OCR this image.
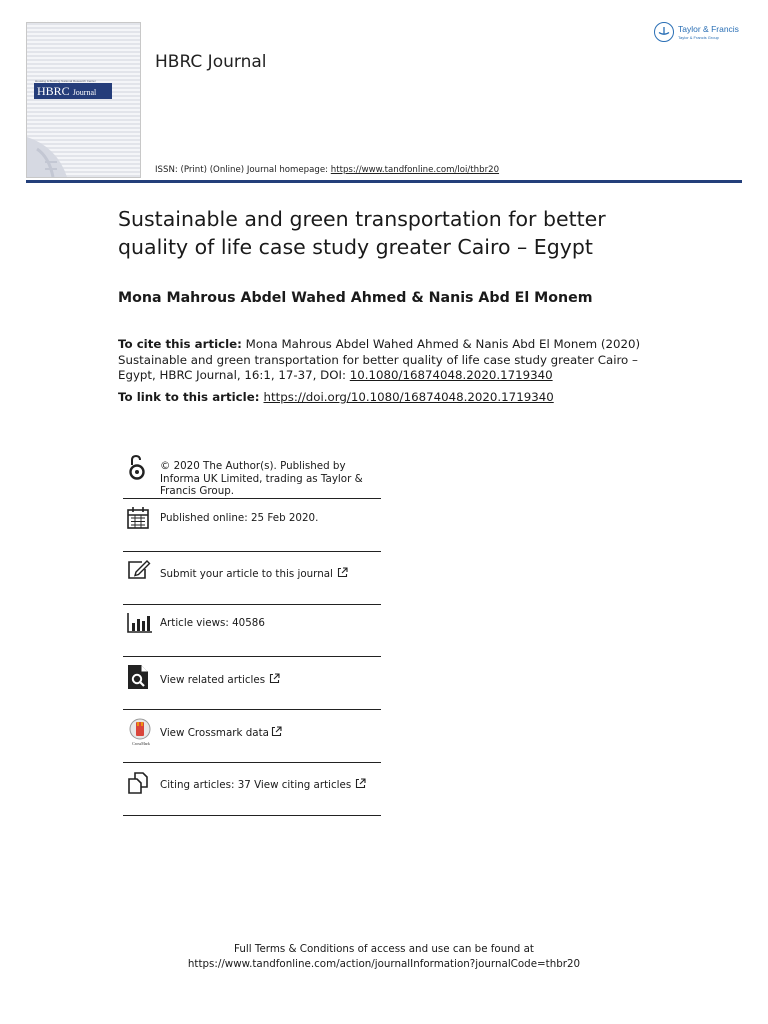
Housing & Building National Research Center
HBRC Journal
HBRC Journal
ISSN: (Print) (Online) Journal homepage: https://www.tandfonline.com/loi/thbr20
Taylor & Francis
Taylor & Francis Group
Sustainable and green transportation for better
quality of life case study greater Cairo – Egypt
Mona Mahrous Abdel Wahed Ahmed & Nanis Abd El Monem
To cite this article: Mona Mahrous Abdel Wahed Ahmed & Nanis Abd El Monem (2020) Sustainable and green transportation for better quality of life case study greater Cairo – Egypt, HBRC Journal, 16:1, 17-37, DOI: 10.1080/16874048.2020.1719340
To link to this article: https://doi.org/10.1080/16874048.2020.1719340
© 2020 The Author(s). Published by Informa UK Limited, trading as Taylor & Francis Group.
Published online: 25 Feb 2020.
Submit your article to this journal
Article views: 40586
View related articles
CrossMark
View Crossmark data
Citing articles: 37 View citing articles
Full Terms & Conditions of access and use can be found at
https://www.tandfonline.com/action/journalInformation?journalCode=thbr20
